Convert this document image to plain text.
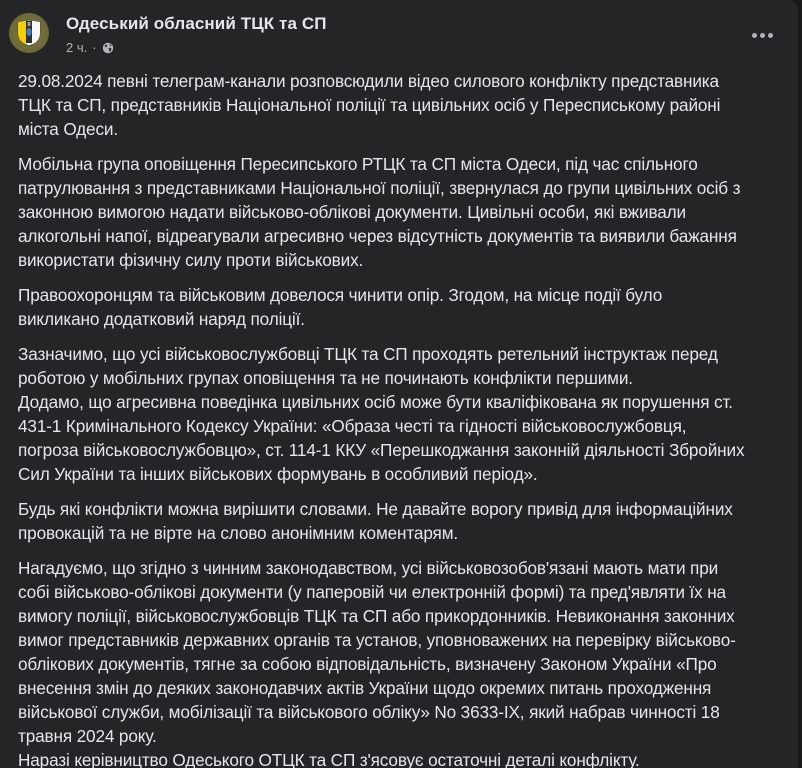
Одеський обласний ТЦК та СП
2 ч. ·

29.08.2024 певні телеграм-канали розповсюдили відео силового конфлікту представника
ТЦК та СП, представників Національної поліції та цивільних осіб у Переспиському районі
міста Одеси.

Мобільна група оповіщення Пересипського РТЦК та СП міста Одеси, під час спільного
патрулювання з представниками Національної поліції, звернулася до групи цивільних осіб з
законною вимогою надати військово-облікові документи. Цивільні особи, які вживали
алкогольні напої, відреагували агресивно через відсутність документів та виявили бажання
використати фізичну силу проти військових.

Правоохоронцям та військовим довелося чинити опір. Згодом, на місце події було
викликано додатковий наряд поліції.

Зазначимо, що усі військовослужбовці ТЦК та СП проходять ретельний інструктаж перед
роботою у мобільних групах оповіщення та не починають конфлікти першими.
Додамо, що агресивна поведінка цивільних осіб може бути кваліфікована як порушення ст.
431-1 Кримінального Кодексу України: «Образа честі та гідності військовослужбовця,
погроза військовослужбовцю», ст. 114-1 ККУ «Перешкоджання законній діяльності Збройних
Сил України та інших військових формувань в особливий період».

Будь які конфлікти можна вирішити словами. Не давайте ворогу привід для інформаційних
провокацій та не вірте на слово анонімним коментарям.

Нагадуємо, що згідно з чинним законодавством, усі військовозобов'язані мають мати при
собі військово-облікові документи (у паперовій чи електронній формі) та пред'являти їх на
вимогу поліції, військовослужбовців ТЦК та СП або прикордонників. Невиконання законних
вимог представників державних органів та установ, уповноважених на перевірку військово-
облікових документів, тягне за собою відповідальність, визначену Законом України «Про
внесення змін до деяких законодавчих актів України щодо окремих питань проходження
військової служби, мобілізації та військового обліку» No 3633-IX, який набрав чинності 18
травня 2024 року.
Наразі керівництво Одеського ОТЦК та СП з'ясовує остаточні деталі конфлікту.
